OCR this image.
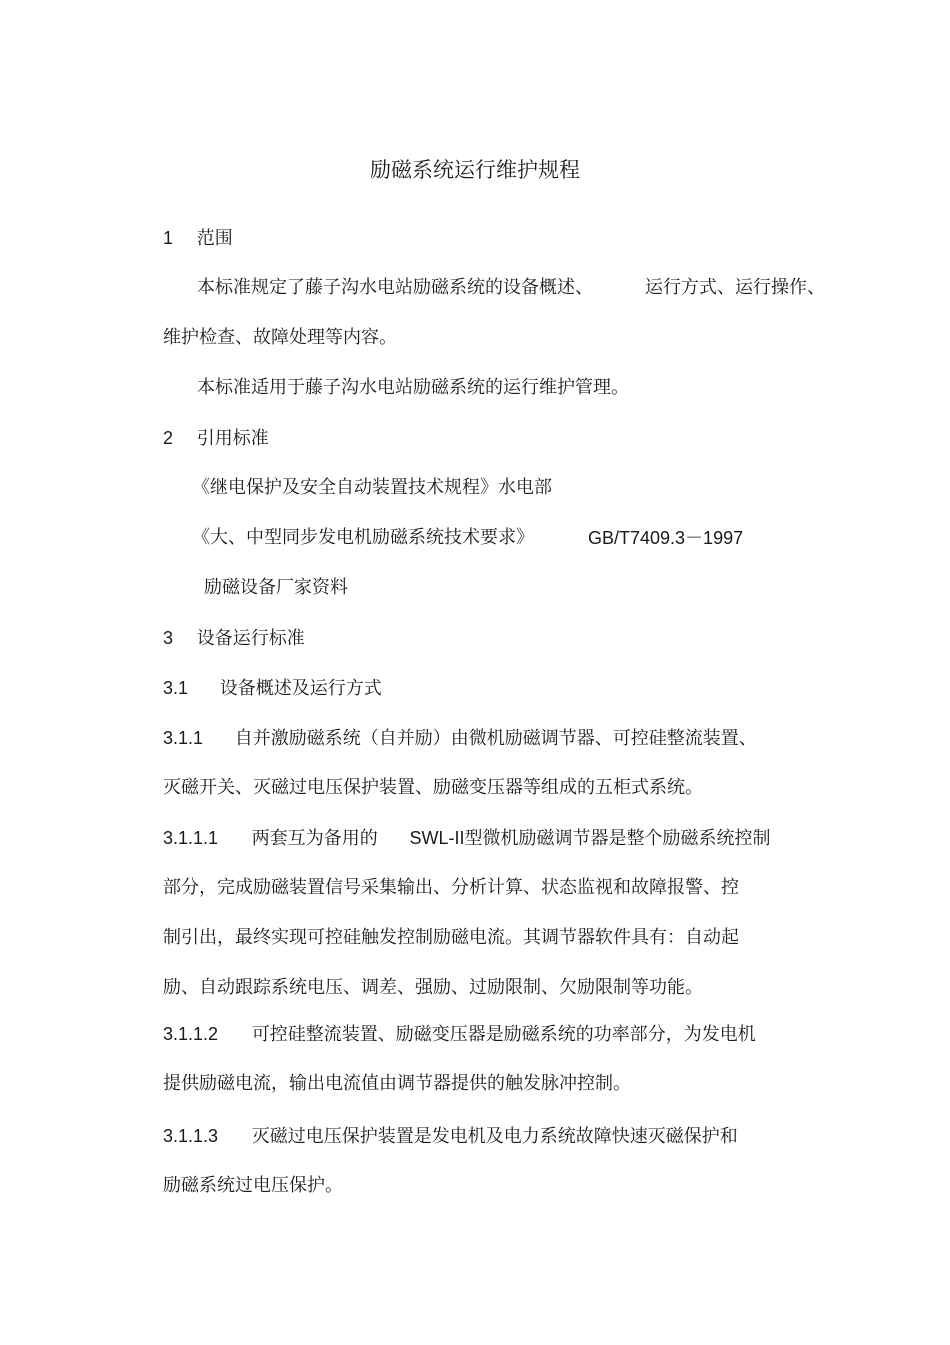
励磁系统运行维护规程
1 范围
本标准规定了藤子沟水电站励磁系统的设备概述、	运行方式、运行操作、
维护检查、故障处理等内容。
本标准适用于藤子沟水电站励磁系统的运行维护管理。
2 引用标准
《继电保护及安全自动装置技术规程》水电部
《大、中型同步发电机励磁系统技术要求》	GB/T7409.3－1997
励磁设备厂家资料
3 设备运行标准
3.1 设备概述及运行方式
3.1.1 自并激励磁系统（自并励）由微机励磁调节器、可控硅整流装置、
灭磁开关、灭磁过电压保护装置、励磁变压器等组成的五柜式系统。
3.1.1.1 两套互为备用的 SWL-II型微机励磁调节器是整个励磁系统控制
部分，完成励磁装置信号采集输出、分析计算、状态监视和故障报警、控
制引出，最终实现可控硅触发控制励磁电流。其调节器软件具有：自动起
励、自动跟踪系统电压、调差、强励、过励限制、欠励限制等功能。
3.1.1.2 可控硅整流装置、励磁变压器是励磁系统的功率部分，为发电机
提供励磁电流，输出电流值由调节器提供的触发脉冲控制。
3.1.1.3 灭磁过电压保护装置是发电机及电力系统故障快速灭磁保护和
励磁系统过电压保护。
